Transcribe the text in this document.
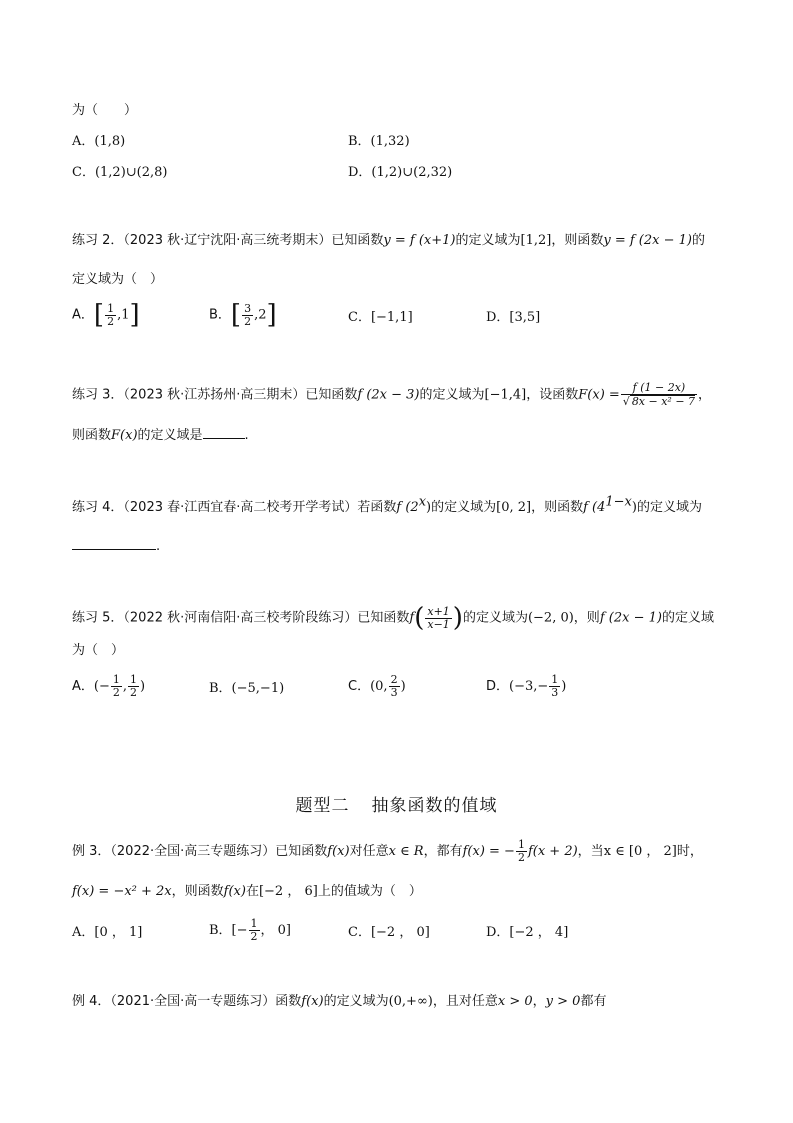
为（　　）
A．(1,8)	B．(1,32)
C．(1,2)∪(2,8)	D．(1,2)∪(2,32)
练习 2．（2023 秋·辽宁沈阳·高三统考期末）已知函数y = f (x+1)的定义域为[1,2]，则函数y = f (2x − 1)的
定义域为（　）
A．[ $\frac{1}{2} ,1$]	B．[ $\frac{3}{2} ,2$]	C．[−1,1]	D．[3,5]
练习 3．（2023 秋·江苏扬州·高三期末）已知函数f (2x − 3)的定义域为[−1,4]，设函数$F(x) = \frac{f (1 - 2x)}{\text{√ 8x − x² − 7}}$ ，
则函数F(x)的定义域是	.
练习 4．（2023 春·江西宜春·高二校考开学考试）若函数f (2$^x$)的定义域为[0, 2]，则函数f $(4^{1-x})$的定义域为
.
练习 5．（2022 秋·河南信阳·高三校考阶段练习）已知函数$f( \frac{x+1}{x-1}$ )的定义域为(−2, 0)，则f (2x − 1)的定义域
为（　）
A．(− $\frac{1}{2}$ , $\frac{1}{2}$ )	B．(−5,−1)	C．(0, $\frac{2}{3}$ )	D．($-3,- \frac{1}{3}$ )
题型二 抽象函数的值域
例 3．（2022·全国·高三专题练习）已知函数f(x)对任意x ∈ R，都有f(x) = − $\frac{1}{2} f(x + 2)$，当x ∈ [0 ， 2]时，
f(x) = −x² + 2x，则函数f(x)在[−2 ， 6]上的值域为（　）
A．[0 ， 1]	B．[− $\frac{1}{2}$ ， 0]	C．[−2 ， 0]	D．[−2 ， 4]
例 4．（2021·全国·高一专题练习）函数f(x)的定义域为(0,+∞)，且对任意x > 0，y > 0都有
